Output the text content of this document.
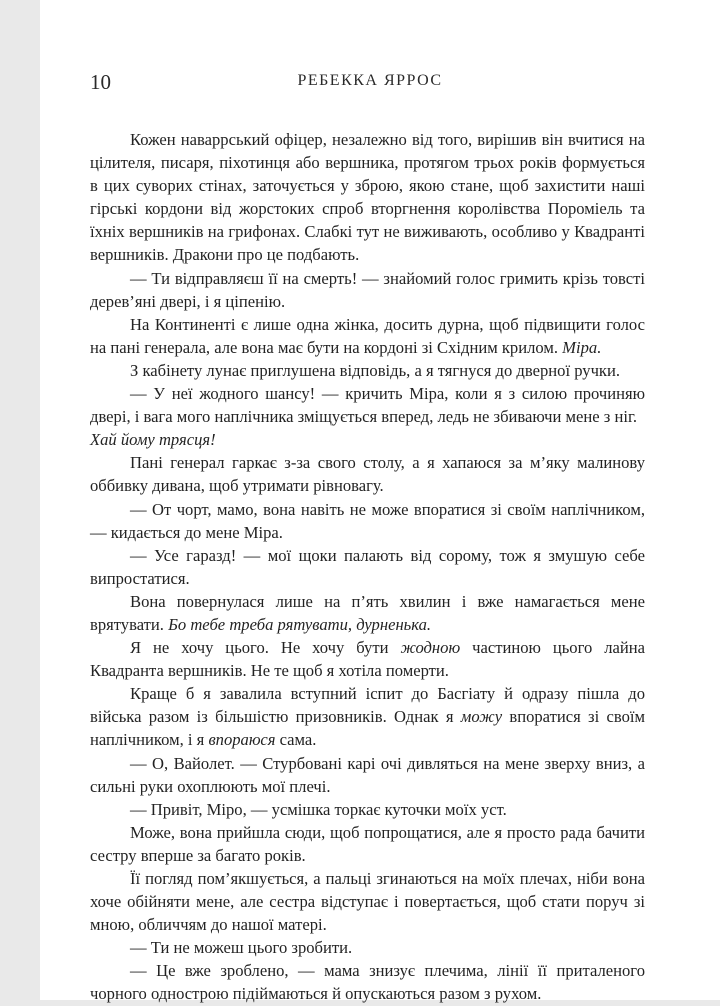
10	РЕБЕККА ЯРРОС

Кожен наваррський офіцер, незалежно від того, вирішив він вчитися на цілителя, писаря, піхотинця або вершника, протягом трьох років формується в цих суворих стінах, заточується у зброю, якою стане, щоб захистити наші гірські кордони від жорстоких спроб вторгнення королівства Пороміель та їхніх вершників на грифонах. Слабкі тут не виживають, особливо у Квадранті вершників. Дракони про це подбають.

— Ти відправляєш її на смерть! — знайомий голос гримить крізь товсті дерев’яні двері, і я ціпенію.

На Континенті є лише одна жінка, досить дурна, щоб підвищити голос на пані генерала, але вона має бути на кордоні зі Східним крилом. Міра.

З кабінету лунає приглушена відповідь, а я тягнуся до дверної ручки.

— У неї жодного шансу! — кричить Міра, коли я з силою прочиняю двері, і вага мого наплічника зміщується вперед, ледь не збиваючи мене з ніг.

Хай йому трясця!

Пані генерал гаркає з-за свого столу, а я хапаюся за м’яку малинову оббивку дивана, щоб утримати рівновагу.

— От чорт, мамо, вона навіть не може впоратися зі своїм наплічником, — кидається до мене Міра.

— Усе гаразд! — мої щоки палають від сорому, тож я змушую себе випростатися.

Вона повернулася лише на п’ять хвилин і вже намагається мене врятувати. Бо тебе треба рятувати, дурненька.

Я не хочу цього. Не хочу бути жодною частиною цього лайна Квадранта вершників. Не те щоб я хотіла померти.

Краще б я завалила вступний іспит до Басгіату й одразу пішла до війська разом із більшістю призовників. Однак я можу впоратися зі своїм наплічником, і я впораюся сама.

— О, Вайолет. — Стурбовані карі очі дивляться на мене зверху вниз, а сильні руки охоплюють мої плечі.

— Привіт, Міро, — усмішка торкає куточки моїх уст.

Може, вона прийшла сюди, щоб попрощатися, але я просто рада бачити сестру вперше за багато років.

Її погляд пом’якшується, а пальці згинаються на моїх плечах, ніби вона хоче обійняти мене, але сестра відступає і повертається, щоб стати поруч зі мною, обличчям до нашої матері.

— Ти не можеш цього зробити.

— Це вже зроблено, — мама знизує плечима, лінії її приталеного чорного однострою підіймаються й опускаються разом з рухом.
